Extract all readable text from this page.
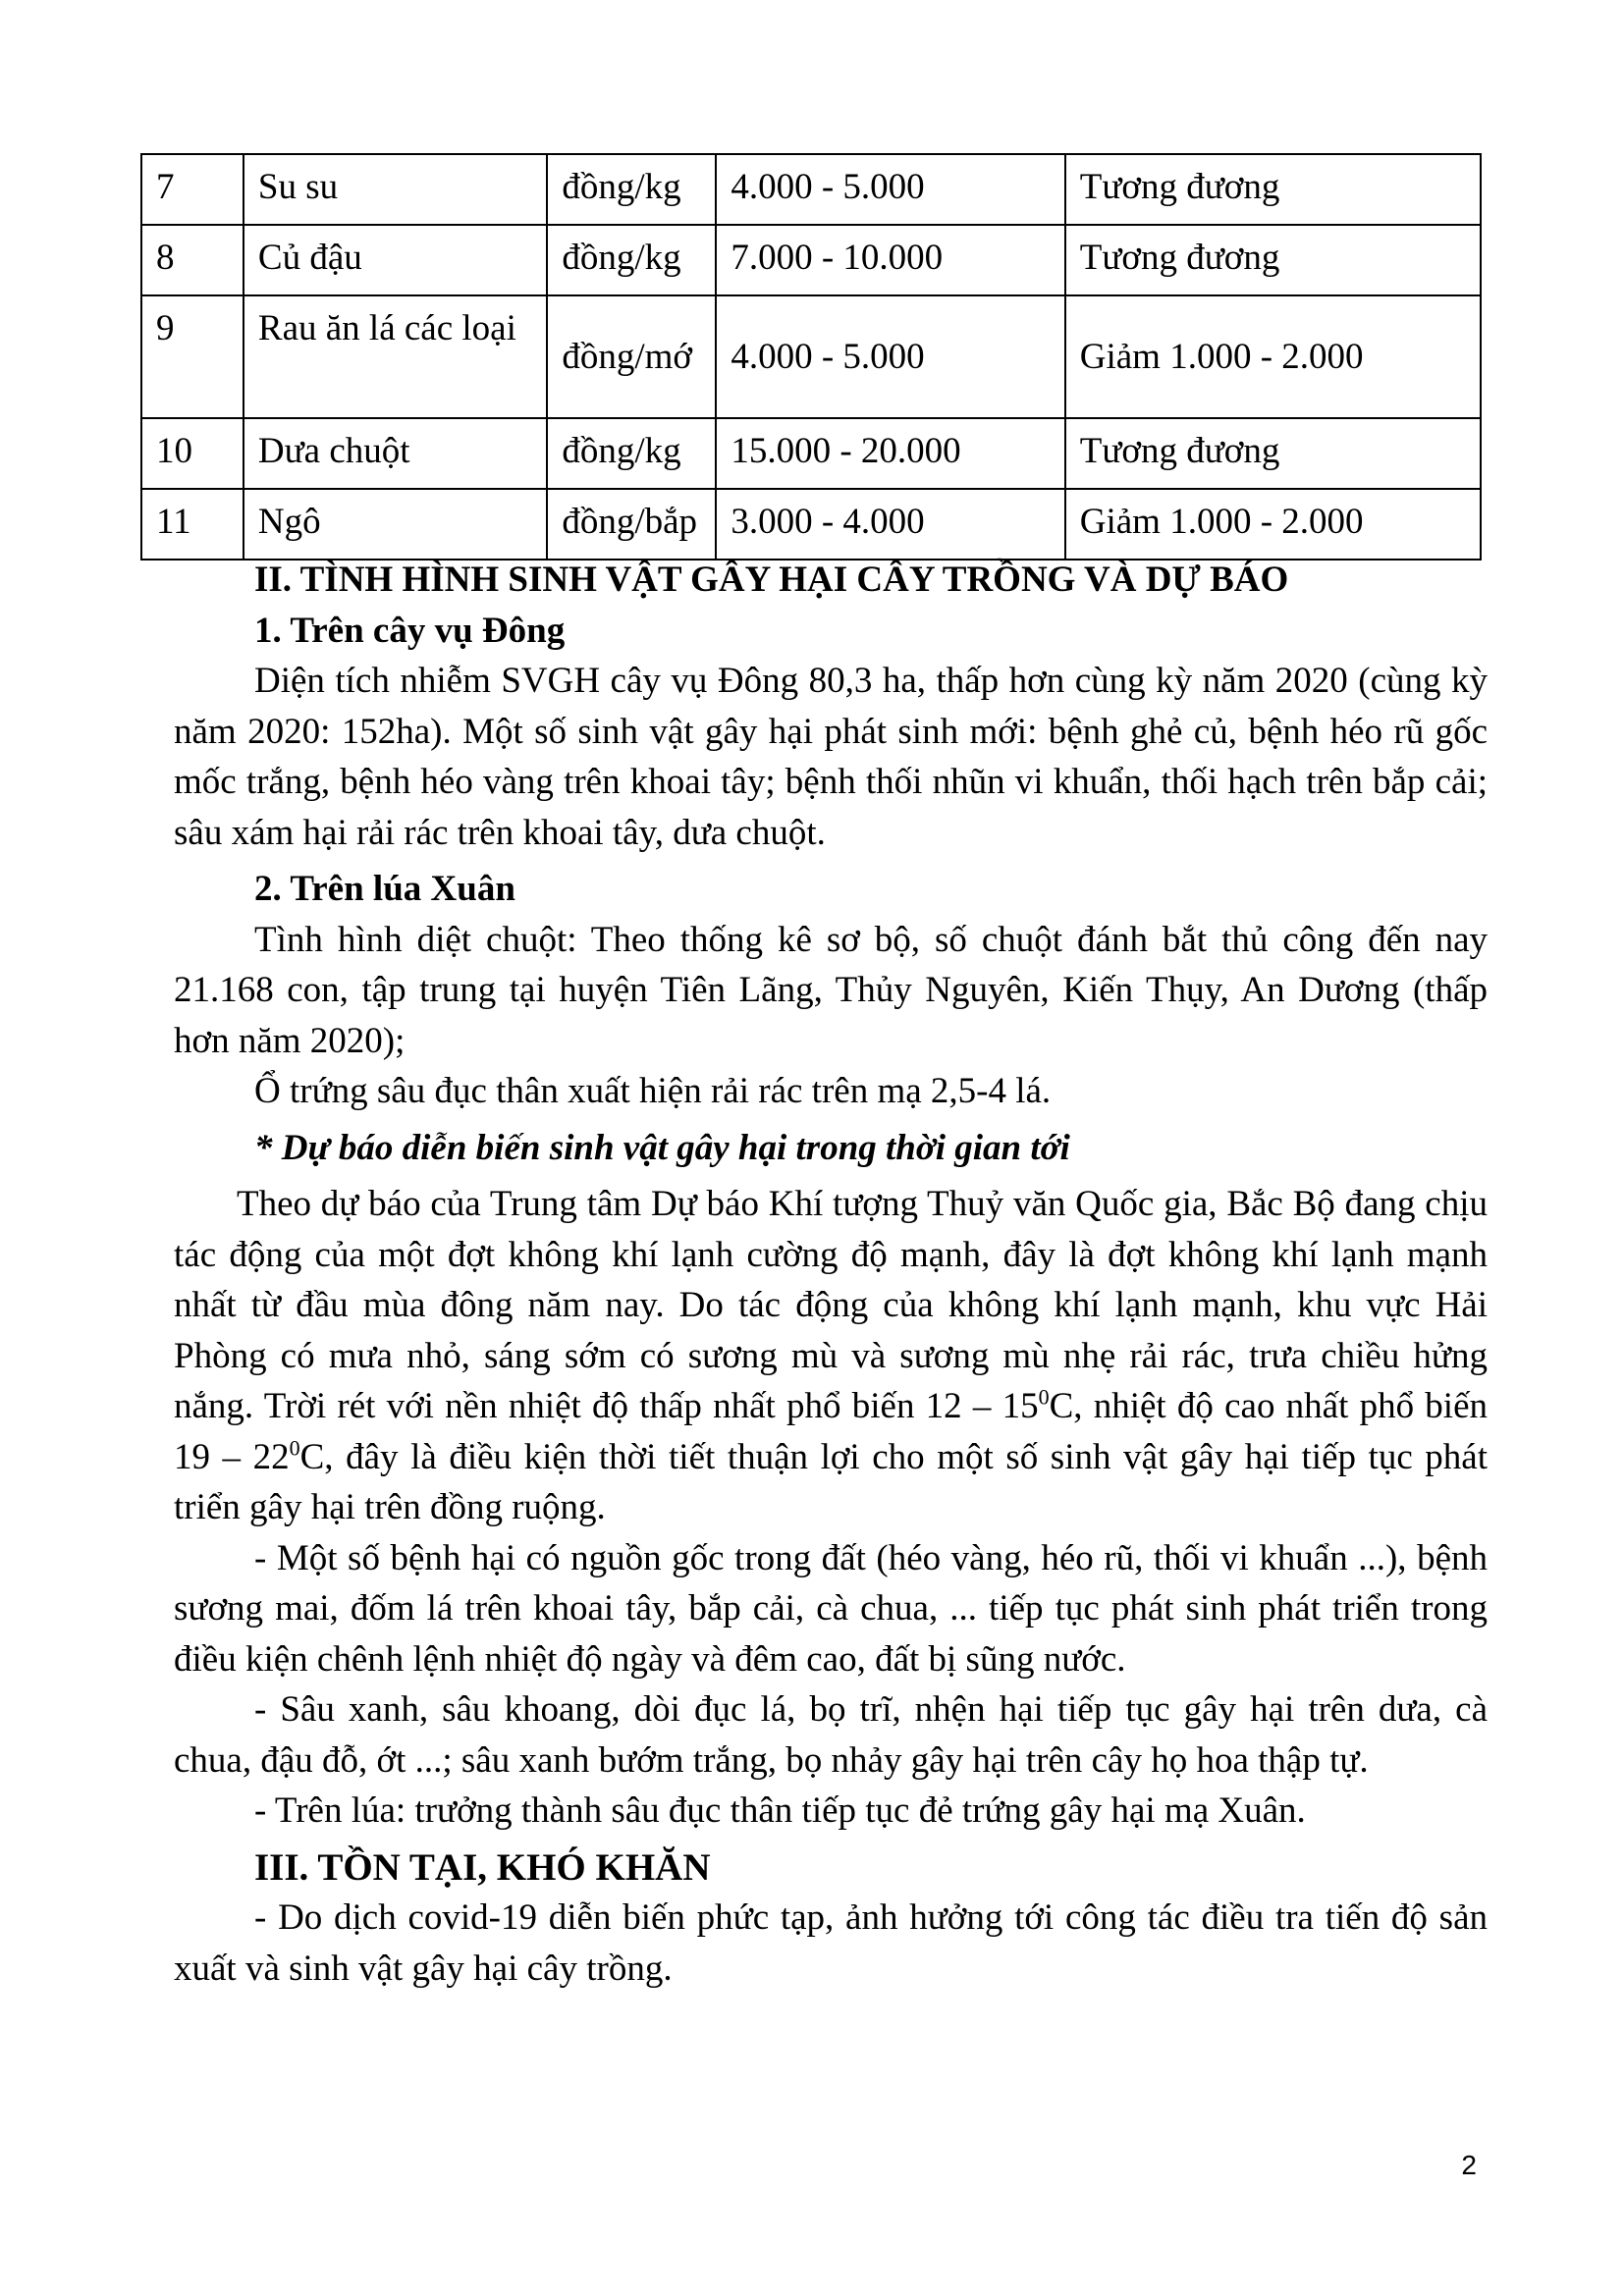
7	Su su	đồng/kg	4.000 - 5.000	Tương đương
8	Củ đậu	đồng/kg	7.000 - 10.000	Tương đương
9	Rau ăn lá các loại	đồng/mớ	4.000 - 5.000	Giảm 1.000 - 2.000
10	Dưa chuột	đồng/kg	15.000 - 20.000	Tương đương
11	Ngô	đồng/bắp	3.000 - 4.000	Giảm 1.000 - 2.000

II. TÌNH HÌNH SINH VẬT GÂY HẠI CÂY TRỒNG VÀ DỰ BÁO

1. Trên cây vụ Đông

Diện tích nhiễm SVGH cây vụ Đông 80,3 ha, thấp hơn cùng kỳ năm 2020 (cùng kỳ năm 2020: 152ha). Một số sinh vật gây hại phát sinh mới: bệnh ghẻ củ, bệnh héo rũ gốc mốc trắng, bệnh héo vàng trên khoai tây; bệnh thối nhũn vi khuẩn, thối hạch trên bắp cải; sâu xám hại rải rác trên khoai tây, dưa chuột.

2. Trên lúa Xuân

Tình hình diệt chuột: Theo thống kê sơ bộ, số chuột đánh bắt thủ công đến nay 21.168 con, tập trung tại huyện Tiên Lãng, Thủy Nguyên, Kiến Thụy, An Dương (thấp hơn năm 2020);

Ổ trứng sâu đục thân xuất hiện rải rác trên mạ 2,5-4 lá.

* Dự báo diễn biến sinh vật gây hại trong thời gian tới

Theo dự báo của Trung tâm Dự báo Khí tượng Thuỷ văn Quốc gia, Bắc Bộ đang chịu tác động của một đợt không khí lạnh cường độ mạnh, đây là đợt không khí lạnh mạnh nhất từ đầu mùa đông năm nay. Do tác động của không khí lạnh mạnh, khu vực Hải Phòng có mưa nhỏ, sáng sớm có sương mù và sương mù nhẹ rải rác, trưa chiều hửng nắng. Trời rét với nền nhiệt độ thấp nhất phổ biến $12 - 15^0C$, nhiệt độ cao nhất phổ biến $19 - 22^0C$, đây là điều kiện thời tiết thuận lợi cho một số sinh vật gây hại tiếp tục phát triển gây hại trên đồng ruộng.

- Một số bệnh hại có nguồn gốc trong đất (héo vàng, héo rũ, thối vi khuẩn ...), bệnh sương mai, đốm lá trên khoai tây, bắp cải, cà chua, ... tiếp tục phát sinh phát triển trong điều kiện chênh lệnh nhiệt độ ngày và đêm cao, đất bị sũng nước.

- Sâu xanh, sâu khoang, dòi đục lá, bọ trĩ, nhện hại tiếp tục gây hại trên dưa, cà chua, đậu đỗ, ớt ...; sâu xanh bướm trắng, bọ nhảy gây hại trên cây họ hoa thập tự.

- Trên lúa: trưởng thành sâu đục thân tiếp tục đẻ trứng gây hại mạ Xuân.

III. TỒN TẠI, KHÓ KHĂN

- Do dịch covid-19 diễn biến phức tạp, ảnh hưởng tới công tác điều tra tiến độ sản xuất và sinh vật gây hại cây trồng.

2
